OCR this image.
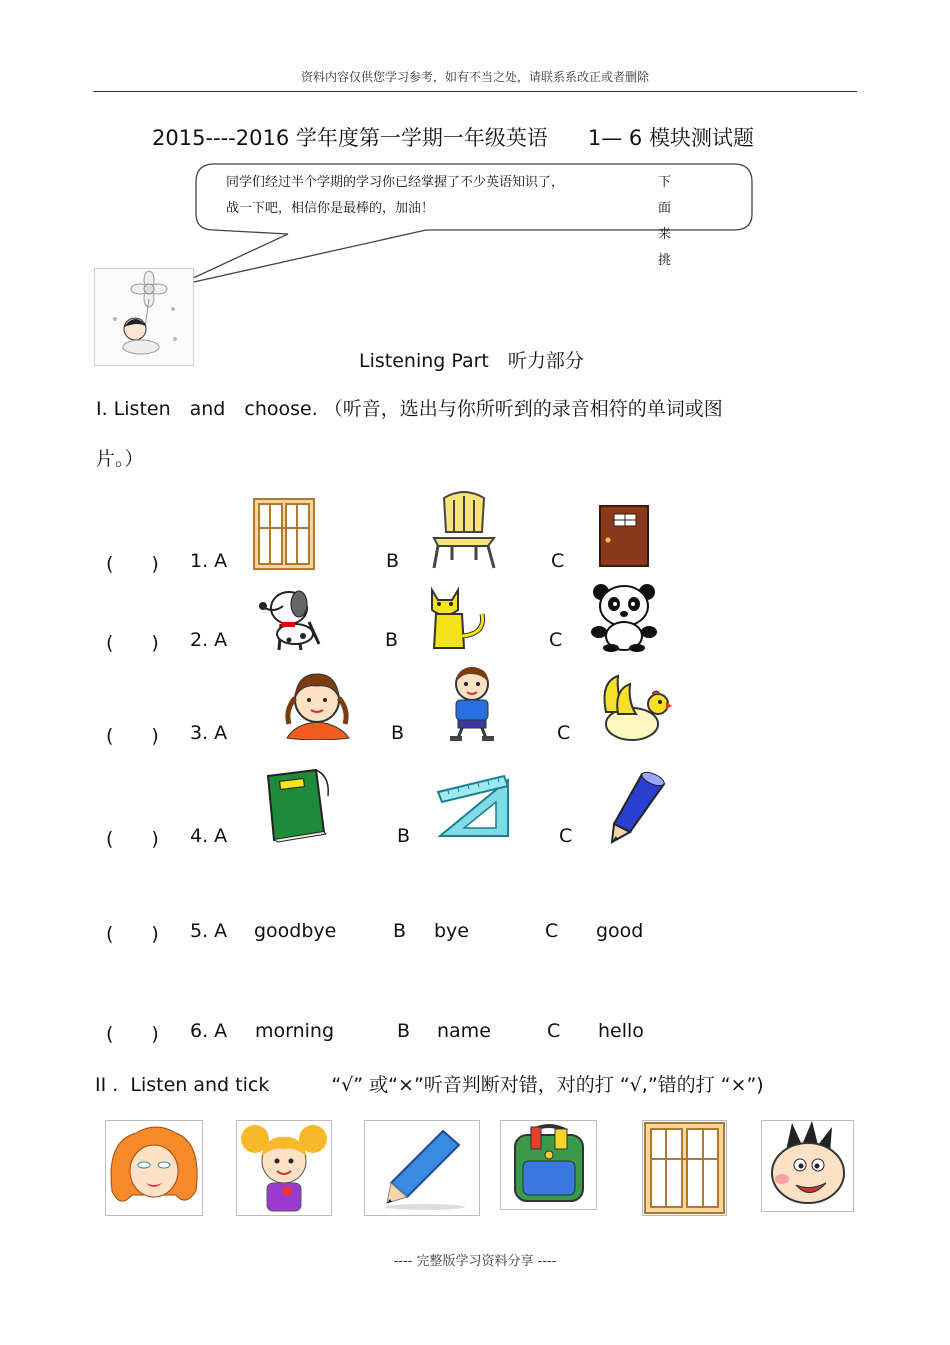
资料内容仅供您学习参考，如有不当之处，请联系系改正或者删除
2015----2016 学年度第一学期一年级英语 1— 6 模块测试题
同学们经过半个学期的学习你已经掌握了不少英语知识了，	下面来挑
战一下吧，相信你是最棒的，加油！
Listening Part　听力部分
Ⅰ. Listen　and　choose. （听音，选出与你所听到的录音相符的单词或图
片。）
(　　) 1. A	B	C
(　　) 2. A	B	C
(　　) 3. A	B	C
(　　) 4. A	B	C
(　　) 5. A goodbye	B bye	C good
(　　) 6. A morning	B name	C hello
II . Listen and tick	“√” 或“×”听音判断对错，对的打 “√,”错的打 “×”)
---- 完整版学习资料分享 ----
